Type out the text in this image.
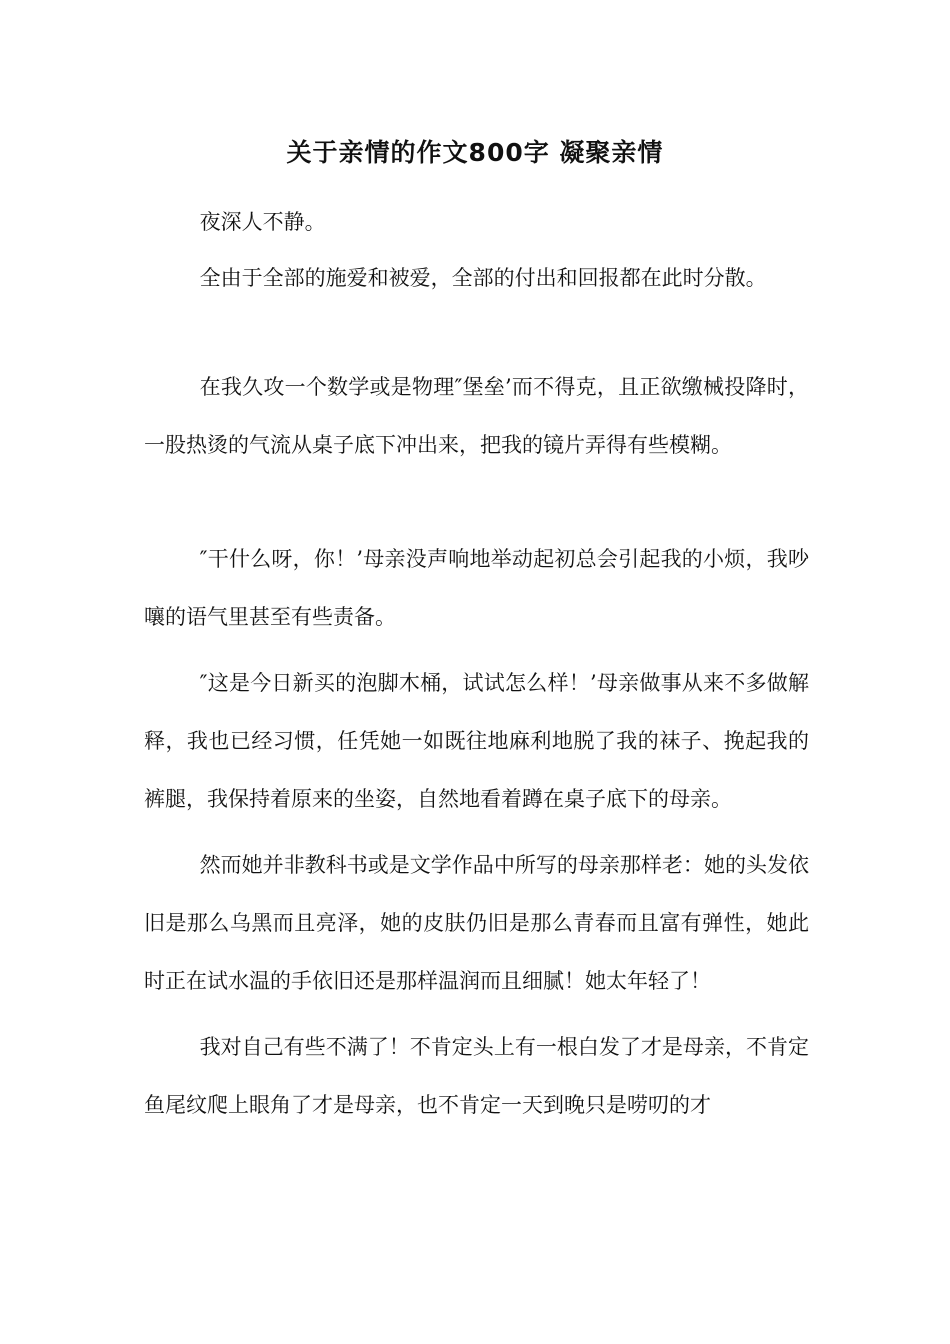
关于亲情的作文800字 凝聚亲情

夜深人不静。

全由于全部的施爱和被爱，全部的付出和回报都在此时分散。

在我久攻一个数学或是物理″堡垒’而不得克，且正欲缴械投降时，一股热烫的气流从桌子底下冲出来，把我的镜片弄得有些模糊。

″干什么呀，你！’母亲没声响地举动起初总会引起我的小烦，我吵嚷的语气里甚至有些责备。

″这是今日新买的泡脚木桶，试试怎么样！’母亲做事从来不多做解释，我也已经习惯，任凭她一如既往地麻利地脱了我的袜子、挽起我的裤腿，我保持着原来的坐姿，自然地看着蹲在桌子底下的母亲。

然而她并非教科书或是文学作品中所写的母亲那样老：她的头发依旧是那么乌黑而且亮泽，她的皮肤仍旧是那么青春而且富有弹性，她此时正在试水温的手依旧还是那样温润而且细腻！她太年轻了！

我对自己有些不满了！不肯定头上有一根白发了才是母亲，不肯定鱼尾纹爬上眼角了才是母亲，也不肯定一天到晚只是唠叨的才
